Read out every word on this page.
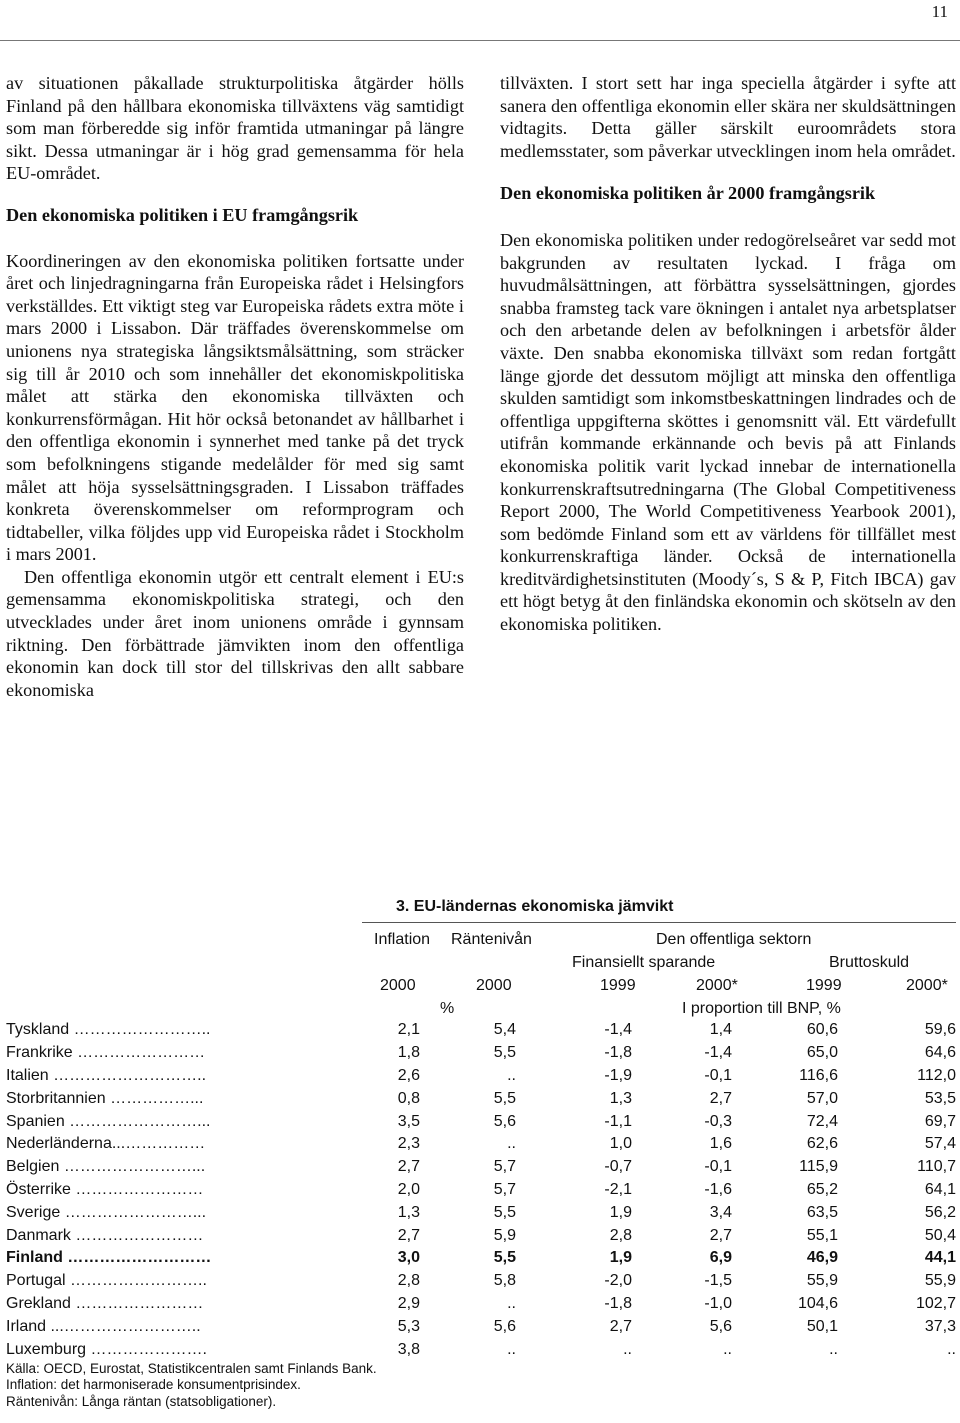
11

av situationen påkallade strukturpolitiska åtgärder hölls Finland på den hållbara ekonomiska tillväxtens väg samtidigt som man förberedde sig inför framtida utmaningar på längre sikt. Dessa utmaningar är i hög grad gemensamma för hela EU-området.

Den ekonomiska politiken i EU framgångsrik

Koordineringen av den ekonomiska politiken fortsatte under året och linjedragningarna från Europeiska rådet i Helsingfors verkställdes. Ett viktigt steg var Europeiska rådets extra möte i mars 2000 i Lissabon. Där träffades överenskommelse om unionens nya strategiska långsiktsmålsättning, som sträcker sig till år 2010 och som innehåller det ekonomiskpolitiska målet att stärka den ekonomiska tillväxten och konkurrensförmågan. Hit hör också betonandet av hållbarhet i den offentliga ekonomin i synnerhet med tanke på det tryck som befolkningens stigande medelålder för med sig samt målet att höja sysselsättningsgraden. I Lissabon träffades konkreta överenskommelser om reformprogram och tidtabeller, vilka följdes upp vid Europeiska rådet i Stockholm i mars 2001.

Den offentliga ekonomin utgör ett centralt element i EU:s gemensamma ekonomiskpolitiska strategi, och den utvecklades under året inom unionens område i gynnsam riktning. Den förbättrade jämvikten inom den offentliga ekonomin kan dock till stor del tillskrivas den allt sabbare ekonomiska

tillväxten. I stort sett har inga speciella åtgärder i syfte att sanera den offentliga ekonomin eller skära ner skuldsättningen vidtagits. Detta gäller särskilt euroområdets stora medlemsstater, som påverkar utvecklingen inom hela området.

Den ekonomiska politiken år 2000 framgångsrik

Den ekonomiska politiken under redogörelseåret var sedd mot bakgrunden av resultaten lyckad. I fråga om huvudmålsättningen, att förbättra sysselsättningen, gjordes snabba framsteg tack vare ökningen i antalet nya arbetsplatser och den arbetande delen av befolkningen i arbetsför ålder växte. Den snabba ekonomiska tillväxt som redan fortgått länge gjorde det dessutom möjligt att minska den offentliga skulden samtidigt som inkomstbeskattningen lindrades och de offentliga uppgifterna sköttes i genomsnitt väl. Ett värdefullt utifrån kommande erkännande och bevis på att Finlands ekonomiska politik varit lyckad innebar de internationella konkurrenskraftsutredningarna (The Global Competitiveness Report 2000, The World Competitiveness Yearbook 2001), som bedömde Finland som ett av världens för tillfället mest konkurrenskraftiga länder. Också de internationella kreditvärdighetsinstituten (Moody´s, S & P, Fitch IBCA) gav ett högt betyg åt den finländska ekonomin och skötseln av den ekonomiska politiken.

3. EU-ländernas ekonomiska jämvikt
Inflation Räntenivån	Den offentliga sektorn
Finansiellt sparande	Bruttoskuld
2000	2000	1999	2000*	1999	2000*
%	I proportion till BNP, %
Tyskland ……………………..	2,1	5,4	-1,4	1,4	60,6	59,6
Frankrike ……………………	1,8	5,5	-1,8	-1,4	65,0	64,6
Italien ………………………..	2,6	..	-1,9	-0,1	116,6	112,0
Storbritannien ……………...	0,8	5,5	1,3	2,7	57,0	53,5
Spanien ……………………...	3,5	5,6	-1,1	-0,3	72,4	69,7
Nederländerna...……………	2,3	..	1,0	1,6	62,6	57,4
Belgien ……………………...	2,7	5,7	-0,7	-0,1	115,9	110,7
Österrike ……………………	2,0	5,7	-2,1	-1,6	65,2	64,1
Sverige ……………………...	1,3	5,5	1,9	3,4	63,5	56,2
Danmark ……………………	2,7	5,9	2,8	2,7	55,1	50,4
Finland ………………………	3,0	5,5	1,9	6,9	46,9	44,1
Portugal ……………………..	2,8	5,8	-2,0	-1,5	55,9	55,9
Grekland ……………………	2,9	..	-1,8	-1,0	104,6	102,7
Irland ...……………………..	5,3	5,6	2,7	5,6	50,1	37,3
Luxemburg ………………….	3,8	..	..	..	..	..
Källa: OECD, Eurostat, Statistikcentralen samt Finlands Bank.
Inflation: det harmoniserade konsumentprisindex.
Räntenivån: Långa räntan (statsobligationer).
